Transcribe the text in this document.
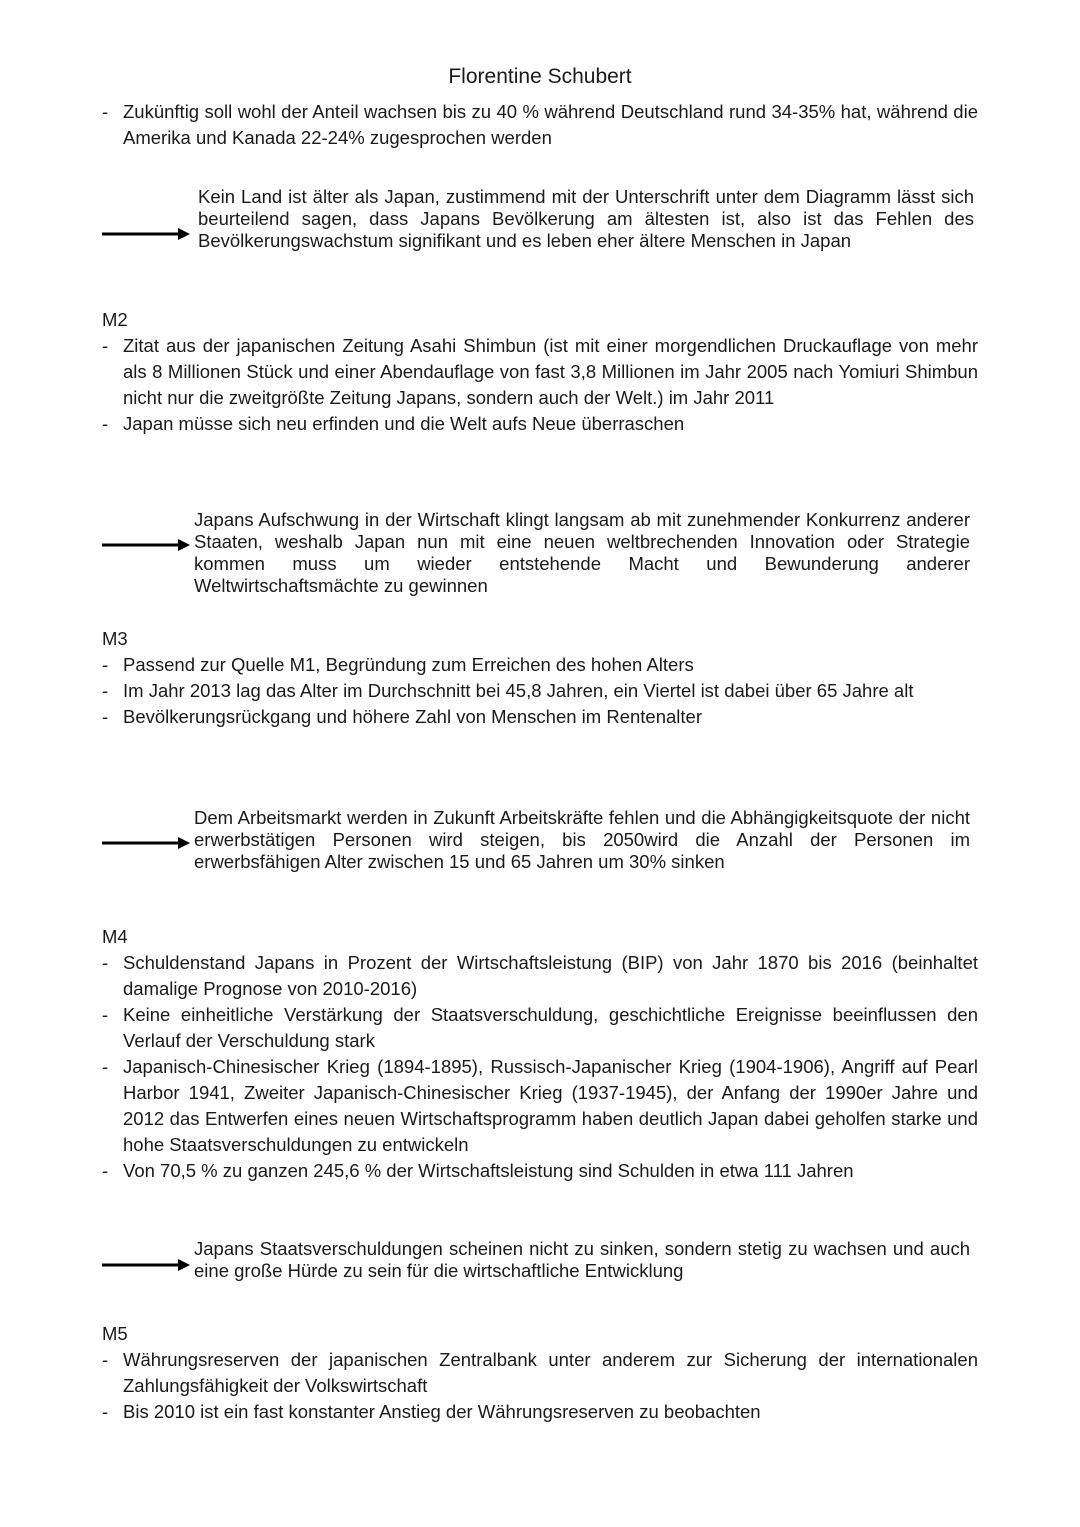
Florentine Schubert
- Zukünftig soll wohl der Anteil wachsen bis zu 40 % während Deutschland rund 34-35% hat, während die Amerika und Kanada 22-24% zugesprochen werden
Kein Land ist älter als Japan, zustimmend mit der Unterschrift unter dem Diagramm lässt sich beurteilend sagen, dass Japans Bevölkerung am ältesten ist, also ist das Fehlen des Bevölkerungswachstum signifikant und es leben eher ältere Menschen in Japan
M2
- Zitat aus der japanischen Zeitung Asahi Shimbun (ist mit einer morgendlichen Druckauflage von mehr als 8 Millionen Stück und einer Abendauflage von fast 3,8 Millionen im Jahr 2005 nach Yomiuri Shimbun nicht nur die zweitgrößte Zeitung Japans, sondern auch der Welt.) im Jahr 2011
- Japan müsse sich neu erfinden und die Welt aufs Neue überraschen
Japans Aufschwung in der Wirtschaft klingt langsam ab mit zunehmender Konkurrenz anderer Staaten, weshalb Japan nun mit eine neuen weltbrechenden Innovation oder Strategie kommen muss um wieder entstehende Macht und Bewunderung anderer Weltwirtschaftsmächte zu gewinnen
M3
- Passend zur Quelle M1, Begründung zum Erreichen des hohen Alters
- Im Jahr 2013 lag das Alter im Durchschnitt bei 45,8 Jahren, ein Viertel ist dabei über 65 Jahre alt
- Bevölkerungsrückgang und höhere Zahl von Menschen im Rentenalter
Dem Arbeitsmarkt werden in Zukunft Arbeitskräfte fehlen und die Abhängigkeitsquote der nicht erwerbstätigen Personen wird steigen, bis 2050wird die Anzahl der Personen im erwerbsfähigen Alter zwischen 15 und 65 Jahren um 30% sinken
M4
- Schuldenstand Japans in Prozent der Wirtschaftsleistung (BIP) von Jahr 1870 bis 2016 (beinhaltet damalige Prognose von 2010-2016)
- Keine einheitliche Verstärkung der Staatsverschuldung, geschichtliche Ereignisse beeinflussen den Verlauf der Verschuldung stark
- Japanisch-Chinesischer Krieg (1894-1895), Russisch-Japanischer Krieg (1904-1906), Angriff auf Pearl Harbor 1941, Zweiter Japanisch-Chinesischer Krieg (1937-1945), der Anfang der 1990er Jahre und 2012 das Entwerfen eines neuen Wirtschaftsprogramm haben deutlich Japan dabei geholfen starke und hohe Staatsverschuldungen zu entwickeln
- Von 70,5 % zu ganzen 245,6 % der Wirtschaftsleistung sind Schulden in etwa 111 Jahren
Japans Staatsverschuldungen scheinen nicht zu sinken, sondern stetig zu wachsen und auch eine große Hürde zu sein für die wirtschaftliche Entwicklung
M5
- Währungsreserven der japanischen Zentralbank unter anderem zur Sicherung der internationalen Zahlungsfähigkeit der Volkswirtschaft
- Bis 2010 ist ein fast konstanter Anstieg der Währungsreserven zu beobachten
